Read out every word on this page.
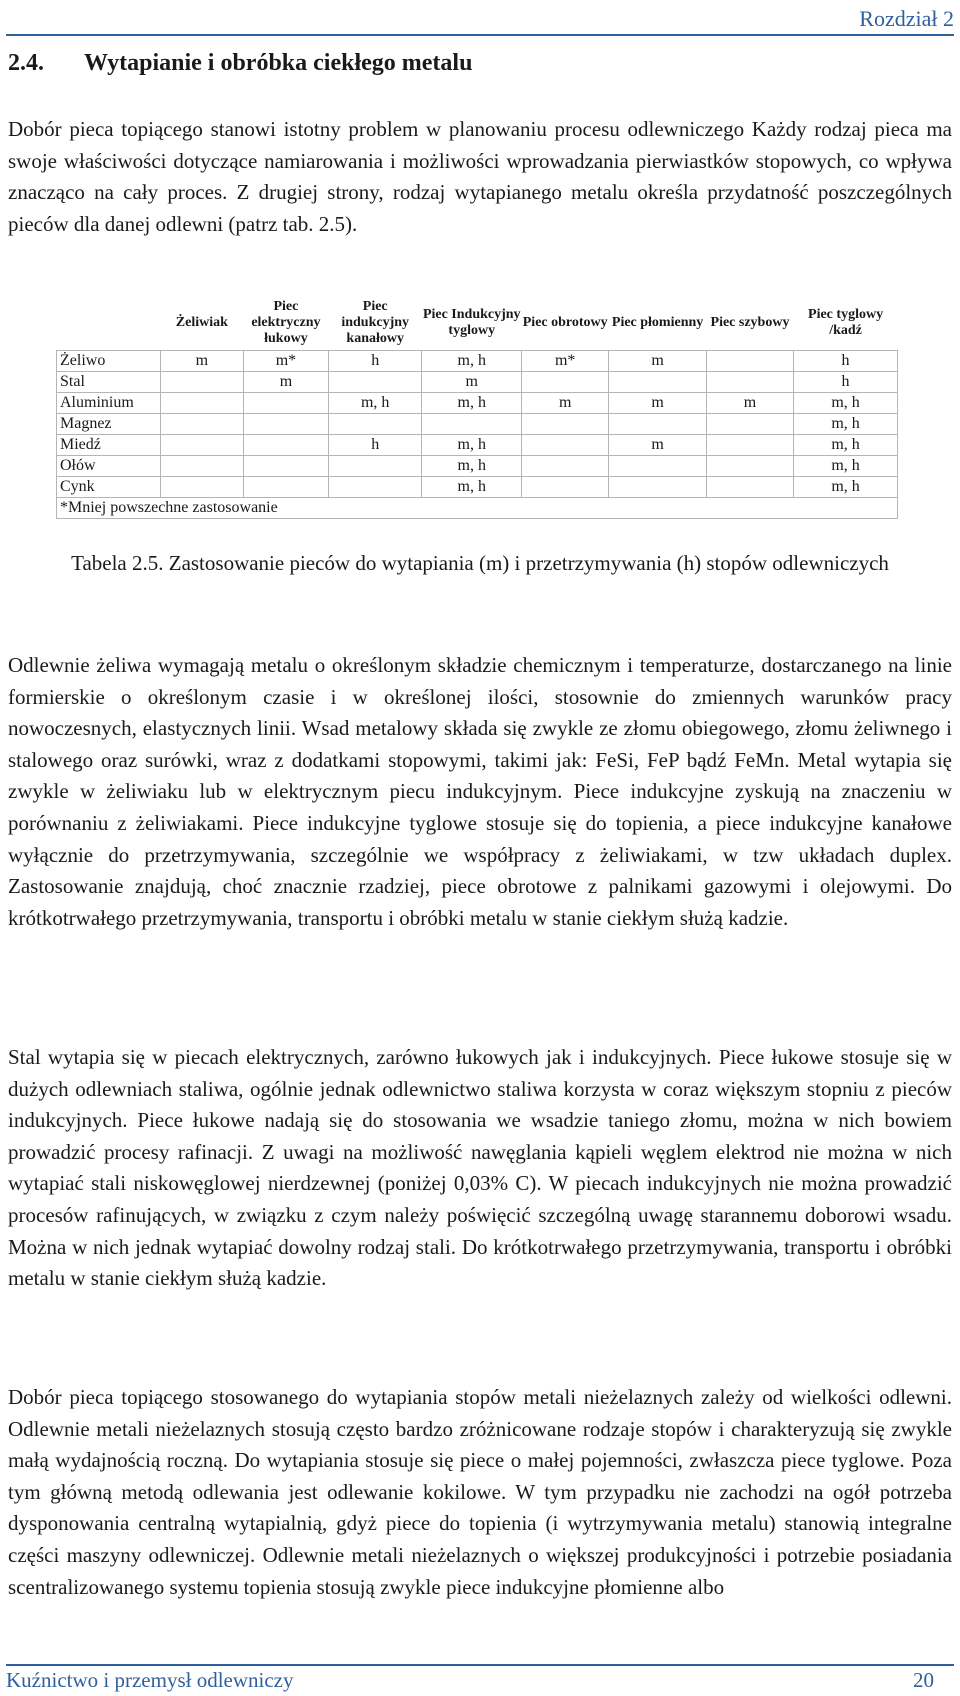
Rozdział 2
2.4. Wytapianie i obróbka ciekłego metalu

Dobór pieca topiącego stanowi istotny problem w planowaniu procesu odlewniczego Każdy rodzaj pieca ma swoje właściwości dotyczące namiarowania i możliwości wprowadzania pierwiastków stopowych, co wpływa znacząco na cały proces. Z drugiej strony, rodzaj wytapianego metalu określa przydatność poszczególnych pieców dla danej odlewni (patrz tab. 2.5).

	Żeliwiak	Piec elektryczny łukowy	Piec indukcyjny kanałowy	Piec Indukcyjny tyglowy	Piec obrotowy	Piec płomienny	Piec szybowy	Piec tyglowy /kadź
Żeliwo	m	m*	h	m, h	m*	m		h
Stal		m		m				h
Aluminium			m, h	m, h	m	m	m	m, h
Magnez								m, h
Miedź			h	m, h		m		m, h
Ołów				m, h				m, h
Cynk				m, h				m, h
*Mniej powszechne zastosowanie								

Tabela 2.5. Zastosowanie pieców do wytapiania (m) i przetrzymywania (h) stopów odlewniczych

Odlewnie żeliwa wymagają metalu o określonym składzie chemicznym i temperaturze, dostarczanego na linie formierskie o określonym czasie i w określonej ilości, stosownie do zmiennych warunków pracy nowoczesnych, elastycznych linii. Wsad metalowy składa się zwykle ze złomu obiegowego, złomu żeliwnego i stalowego oraz surówki, wraz z dodatkami stopowymi, takimi jak: FeSi, FeP bądź FeMn. Metal wytapia się zwykle w żeliwiaku lub w elektrycznym piecu indukcyjnym. Piece indukcyjne zyskują na znaczeniu w porównaniu z żeliwiakami. Piece indukcyjne tyglowe stosuje się do topienia, a piece indukcyjne kanałowe wyłącznie do przetrzymywania, szczególnie we współpracy z żeliwiakami, w tzw układach duplex. Zastosowanie znajdują, choć znacznie rzadziej, piece obrotowe z palnikami gazowymi i olejowymi. Do krótkotrwałego przetrzymywania, transportu i obróbki metalu w stanie ciekłym służą kadzie.

Stal wytapia się w piecach elektrycznych, zarówno łukowych jak i indukcyjnych. Piece łukowe stosuje się w dużych odlewniach staliwa, ogólnie jednak odlewnictwo staliwa korzysta w coraz większym stopniu z pieców indukcyjnych. Piece łukowe nadają się do stosowania we wsadzie taniego złomu, można w nich bowiem prowadzić procesy rafinacji. Z uwagi na możliwość nawęglania kąpieli węglem elektrod nie można w nich wytapiać stali niskowęglowej nierdzewnej (poniżej 0,03% C). W piecach indukcyjnych nie można prowadzić procesów rafinujących, w związku z czym należy poświęcić szczególną uwagę starannemu doborowi wsadu. Można w nich jednak wytapiać dowolny rodzaj stali. Do krótkotrwałego przetrzymywania, transportu i obróbki metalu w stanie ciekłym służą kadzie.

Dobór pieca topiącego stosowanego do wytapiania stopów metali nieżelaznych zależy od wielkości odlewni. Odlewnie metali nieżelaznych stosują często bardzo zróżnicowane rodzaje stopów i charakteryzują się zwykle małą wydajnością roczną. Do wytapiania stosuje się piece o małej pojemności, zwłaszcza piece tyglowe. Poza tym główną metodą odlewania jest odlewanie kokilowe. W tym przypadku nie zachodzi na ogół potrzeba dysponowania centralną wytapialnią, gdyż piece do topienia (i wytrzymywania metalu) stanowią integralne części maszyny odlewniczej. Odlewnie metali nieżelaznych o większej produkcyjności i potrzebie posiadania scentralizowanego systemu topienia stosują zwykle piece indukcyjne płomienne albo

Kuźnictwo i przemysł odlewniczy	20
